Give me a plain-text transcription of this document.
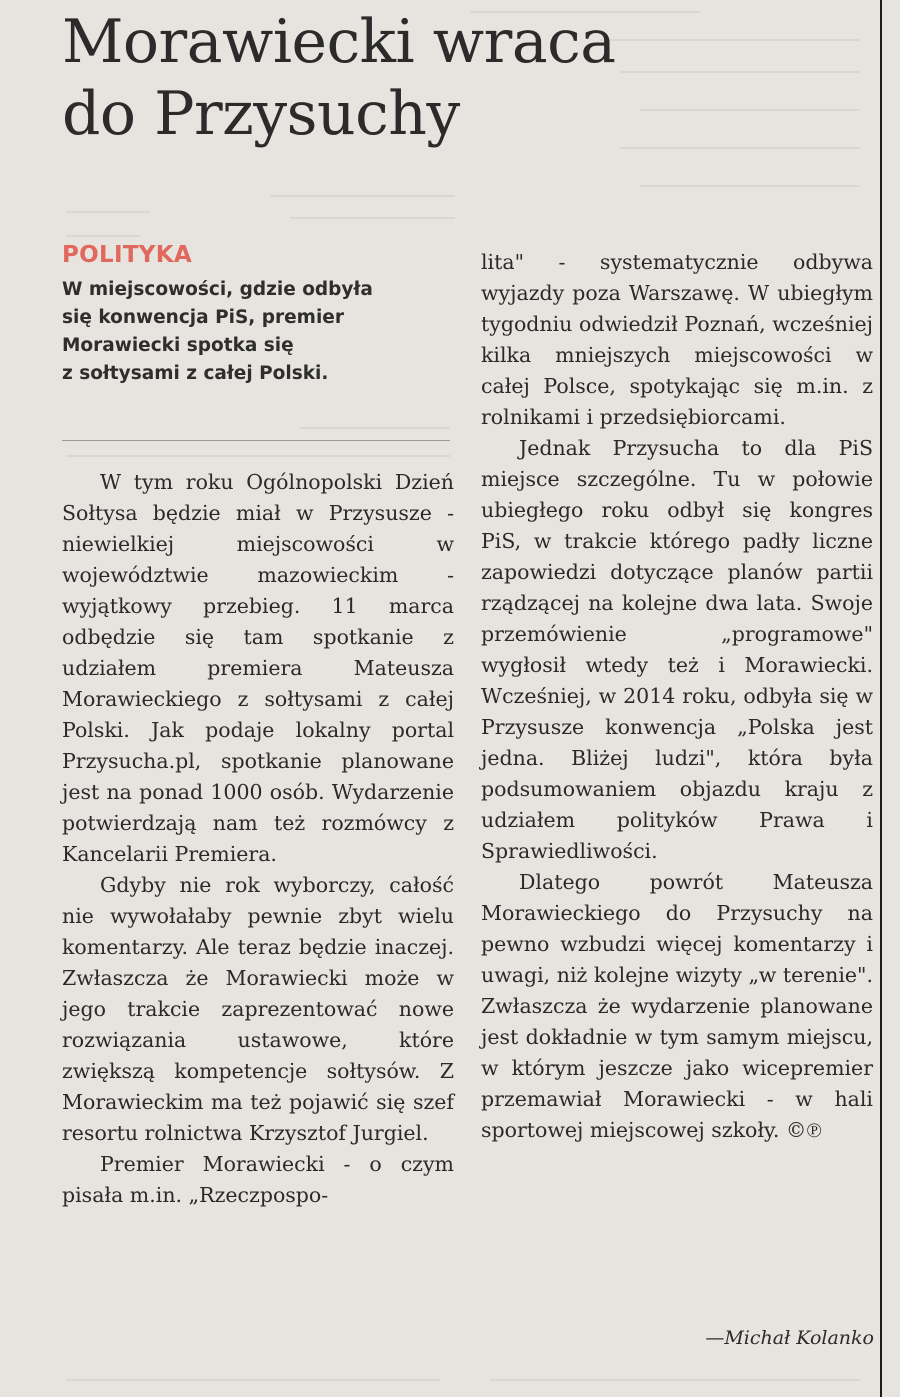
Morawiecki wraca
do Przysuchy
POLITYKA
W miejscowości, gdzie odbyła
się konwencja PiS, premier
Morawiecki spotka się
z sołtysami z całej Polski.

W tym roku Ogólnopolski Dzień Sołtysa będzie miał w Przysusze - niewielkiej miejscowości w województwie mazowieckim - wyjątkowy przebieg. 11 marca odbędzie się tam spotkanie z udziałem premiera Mateusza Morawieckiego z sołtysami z całej Polski. Jak podaje lokalny portal Przysucha.pl, spotkanie planowane jest na ponad 1000 osób. Wydarzenie potwierdzają nam też rozmówcy z Kancelarii Premiera.

Gdyby nie rok wyborczy, całość nie wywołałaby pewnie zbyt wielu komentarzy. Ale teraz będzie inaczej. Zwłaszcza że Morawiecki może w jego trakcie zaprezentować nowe rozwiązania ustawowe, które zwiększą kompetencje sołtysów. Z Morawieckim ma też pojawić się szef resortu rolnictwa Krzysztof Jurgiel.

Premier Morawiecki - o czym pisała m.in. „Rzeczpospo-

lita" - systematycznie odbywa wyjazdy poza Warszawę. W ubiegłym tygodniu odwiedził Poznań, wcześniej kilka mniejszych miejscowości w całej Polsce, spotykając się m.in. z rolnikami i przedsiębiorcami.

Jednak Przysucha to dla PiS miejsce szczególne. Tu w połowie ubiegłego roku odbył się kongres PiS, w trakcie którego padły liczne zapowiedzi dotyczące planów partii rządzącej na kolejne dwa lata. Swoje przemówienie „programowe" wygłosił wtedy też i Morawiecki. Wcześniej, w 2014 roku, odbyła się w Przysusze konwencja „Polska jest jedna. Bliżej ludzi", która była podsumowaniem objazdu kraju z udziałem polityków Prawa i Sprawiedliwości.

Dlatego powrót Mateusza Morawieckiego do Przysuchy na pewno wzbudzi więcej komentarzy i uwagi, niż kolejne wizyty „w terenie". Zwłaszcza że wydarzenie planowane jest dokładnie w tym samym miejscu, w którym jeszcze jako wicepremier przemawiał Morawiecki - w hali sportowej miejscowej szkoły. ©℗

—Michał Kolanko
